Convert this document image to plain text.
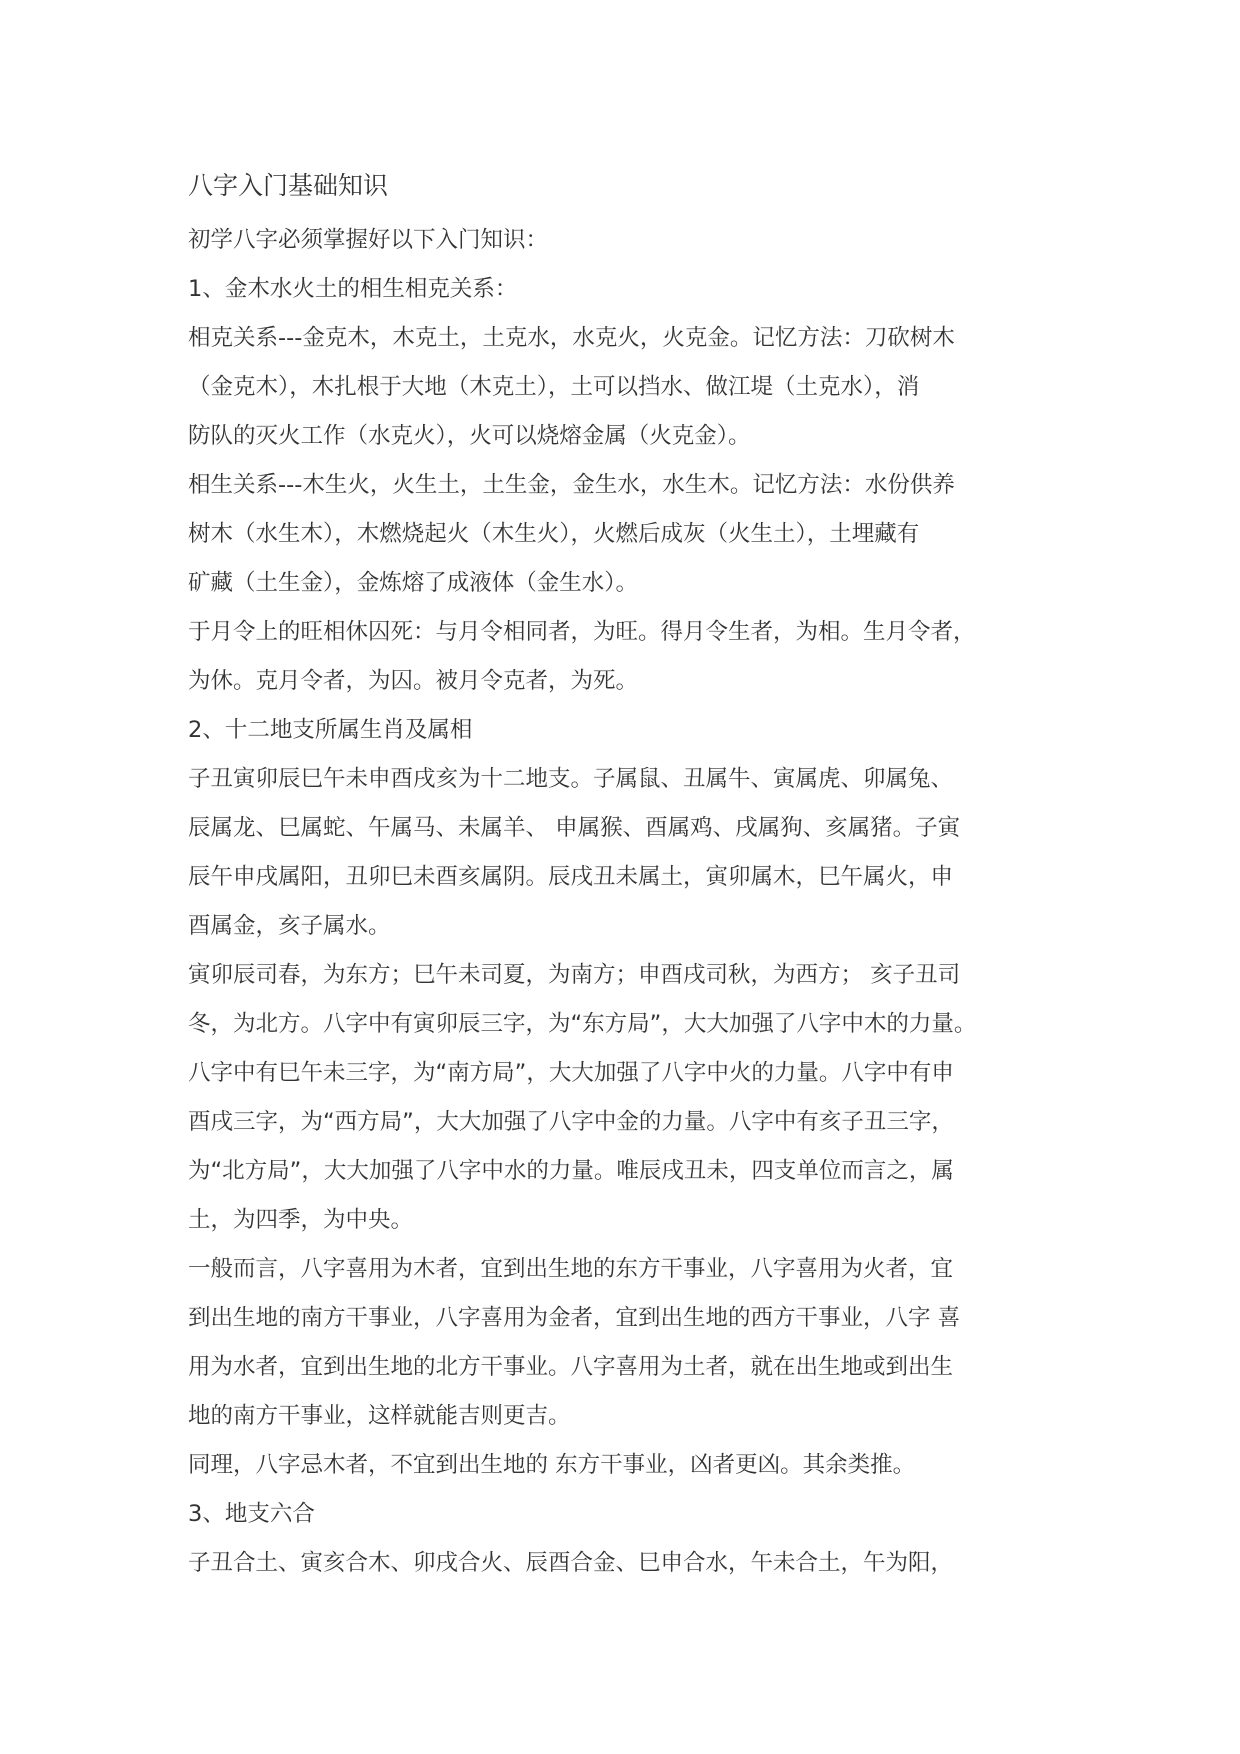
八字入门基础知识

初学八字必须掌握好以下入门知识：

1、金木水火土的相生相克关系：

相克关系---金克木，木克土，土克水，水克火，火克金。记忆方法：刀砍树木

（金克木），木扎根于大地（木克土），土可以挡水、做江堤（土克水），消

防队的灭火工作（水克火），火可以烧熔金属（火克金）。

相生关系---木生火，火生土，土生金，金生水，水生木。记忆方法：水份供养

树木（水生木），木燃烧起火（木生火），火燃后成灰（火生土），土埋藏有

矿藏（土生金），金炼熔了成液体（金生水）。

于月令上的旺相休囚死：与月令相同者，为旺。得月令生者，为相。生月令者，

为休。克月令者，为囚。被月令克者，为死。

2、十二地支所属生肖及属相

子丑寅卯辰巳午未申酉戌亥为十二地支。子属鼠、丑属牛、寅属虎、卯属兔、

辰属龙、巳属蛇、午属马、未属羊、 申属猴、酉属鸡、戌属狗、亥属猪。子寅

辰午申戌属阳，丑卯巳未酉亥属阴。辰戌丑未属土，寅卯属木，巳午属火，申

酉属金，亥子属水。

寅卯辰司春，为东方；巳午未司夏，为南方；申酉戌司秋，为西方； 亥子丑司

冬，为北方。八字中有寅卯辰三字，为“东方局”，大大加强了八字中木的力量。

八字中有巳午未三字，为“南方局”，大大加强了八字中火的力量。八字中有申

酉戌三字，为“西方局”，大大加强了八字中金的力量。八字中有亥子丑三字，

为“北方局”，大大加强了八字中水的力量。唯辰戌丑未，四支单位而言之，属

土，为四季，为中央。

一般而言，八字喜用为木者，宜到出生地的东方干事业，八字喜用为火者，宜

到出生地的南方干事业，八字喜用为金者，宜到出生地的西方干事业，八字 喜

用为水者，宜到出生地的北方干事业。八字喜用为土者，就在出生地或到出生

地的南方干事业，这样就能吉则更吉。

同理，八字忌木者，不宜到出生地的 东方干事业，凶者更凶。其余类推。

3、地支六合

子丑合土、寅亥合木、卯戌合火、辰酉合金、巳申合水，午未合土，午为阳，
